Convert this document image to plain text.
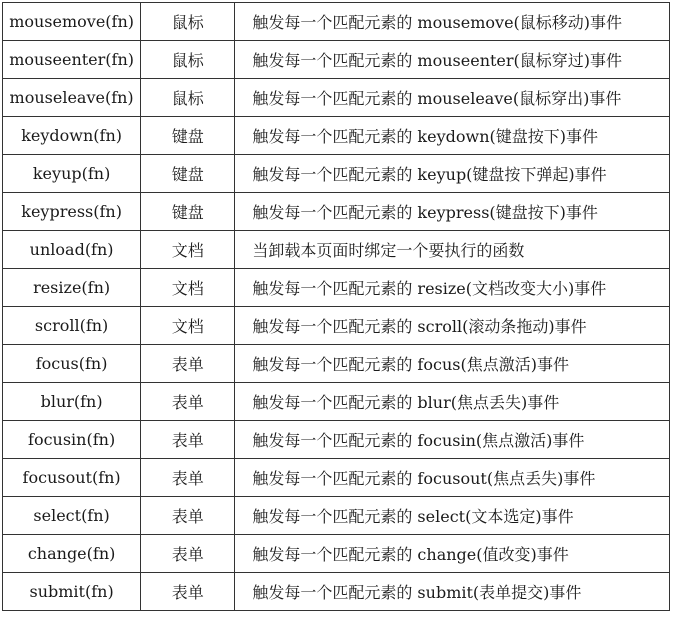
mousemove(fn)	鼠标	触发每一个匹配元素的 mousemove(鼠标移动)事件
mouseenter(fn)	鼠标	触发每一个匹配元素的 mouseenter(鼠标穿过)事件
mouseleave(fn)	鼠标	触发每一个匹配元素的 mouseleave(鼠标穿出)事件
keydown(fn)	键盘	触发每一个匹配元素的 keydown(键盘按下)事件
keyup(fn)	键盘	触发每一个匹配元素的 keyup(键盘按下弹起)事件
keypress(fn)	键盘	触发每一个匹配元素的 keypress(键盘按下)事件
unload(fn)	文档	当卸载本页面时绑定一个要执行的函数
resize(fn)	文档	触发每一个匹配元素的 resize(文档改变大小)事件
scroll(fn)	文档	触发每一个匹配元素的 scroll(滚动条拖动)事件
focus(fn)	表单	触发每一个匹配元素的 focus(焦点激活)事件
blur(fn)	表单	触发每一个匹配元素的 blur(焦点丢失)事件
focusin(fn)	表单	触发每一个匹配元素的 focusin(焦点激活)事件
focusout(fn)	表单	触发每一个匹配元素的 focusout(焦点丢失)事件
select(fn)	表单	触发每一个匹配元素的 select(文本选定)事件
change(fn)	表单	触发每一个匹配元素的 change(值改变)事件
submit(fn)	表单	触发每一个匹配元素的 submit(表单提交)事件
